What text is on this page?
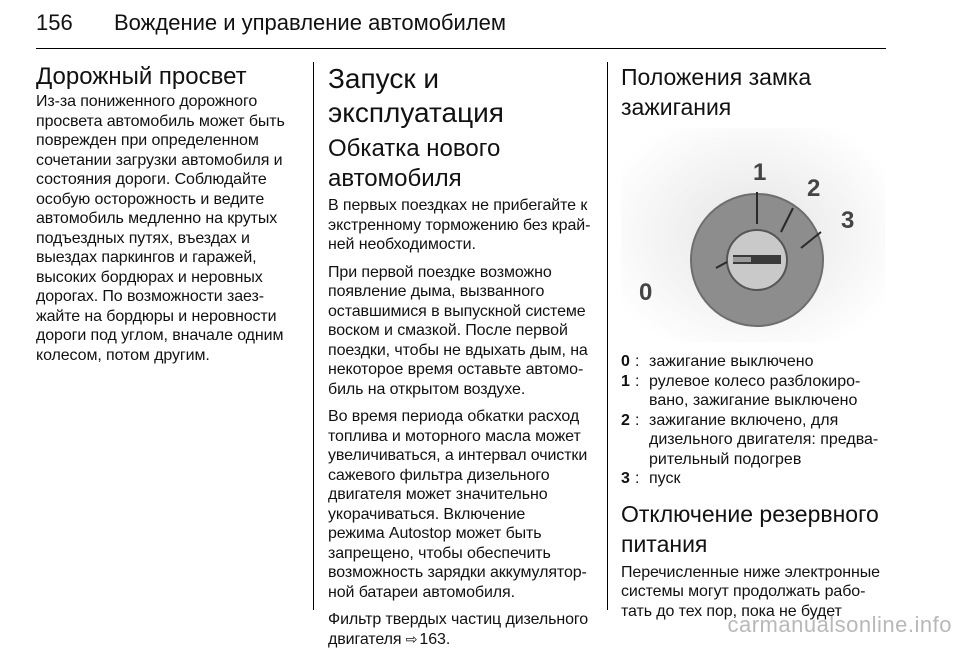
156 Вождение и управление автомобилем
Дорожный просвет

Из-за пониженного дорожного
просвета автомобиль может быть
поврежден при определенном
сочетании загрузки автомобиля и
состояния дороги. Соблюдайте
особую осторожность и ведите
автомобиль медленно на крутых
подъездных путях, въездах и
выездах паркингов и гаражей,
высоких бордюрах и неровных
дорогах. По возможности заез-
жайте на бордюры и неровности
дороги под углом, вначале одним
колесом, потом другим.

Запуск и эксплуатация
Обкатка нового автомобиля

В первых поездках не прибегайте к
экстренному торможению без край-
ней необходимости.

При первой поездке возможно
появление дыма, вызванного
оставшимися в выпускной системе
воском и смазкой. После первой
поездки, чтобы не вдыхать дым, на
некоторое время оставьте автомо-
биль на открытом воздухе.

Во время периода обкатки расход
топлива и моторного масла может
увеличиваться, а интервал очистки
сажевого фильтра дизельного
двигателя может значительно
укорачиваться. Включение
режима Autostop может быть
запрещено, чтобы обеспечить
возможность зарядки аккумулятор-
ной батареи автомобиля.

Фильтр твердых частиц дизельного
двигателя ⇨ 163.

Положения замка зажигания
1
2
3
0
0	:	зажигание выключено
1	:	рулевое колесо разблокиро-
вано, зажигание выключено
2	:	зажигание включено, для
дизельного двигателя: предва-
рительный подогрев
3	:	пуск
Отключение резервного питания

Перечисленные ниже электронные
системы могут продолжать рабо-
тать до тех пор, пока не будет

carmanualsonline.info
